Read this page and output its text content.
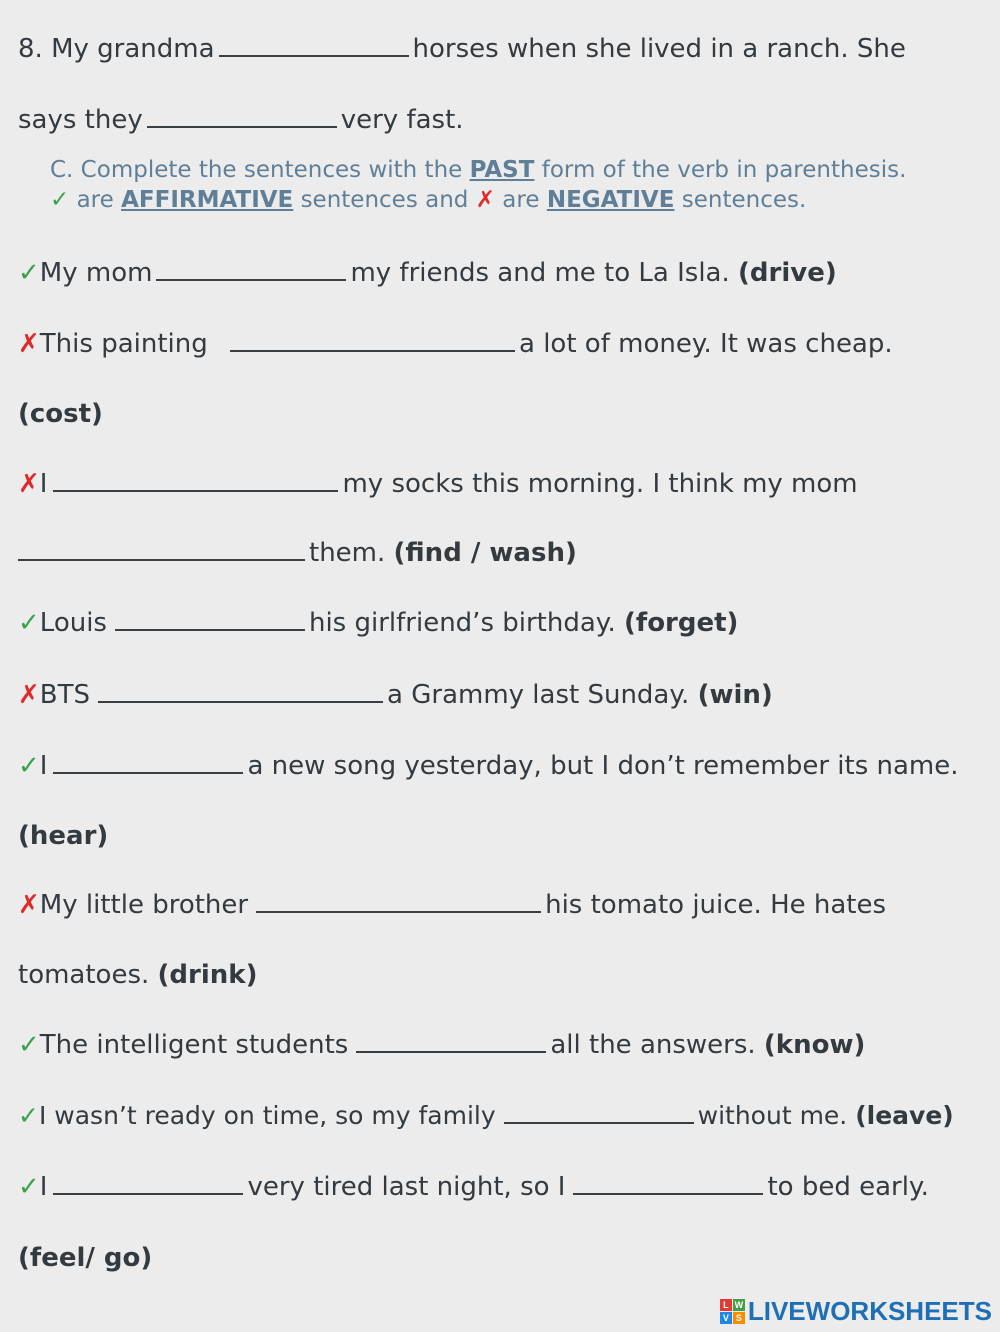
8. My grandma	horses when she lived in a ranch. She
says they	very fast.
C. Complete the sentences with the PAST form of the verb in parenthesis.
✓ are AFFIRMATIVE sentences and ✗ are NEGATIVE sentences.
✓My mom	my friends and me to La Isla. (drive)
✗This painting	a lot of money. It was cheap.
(cost)
✗I	my socks this morning. I think my mom
them. (find / wash)
✓Louis	his girlfriend’s birthday. (forget)
✗BTS	a Grammy last Sunday. (win)
✓I	a new song yesterday, but I don’t remember its name.
(hear)
✗My little brother	his tomato juice. He hates
tomatoes. (drink)
✓The intelligent students	all the answers. (know)
✓I wasn’t ready on time, so my family	without me. (leave)
✓I	very tired last night, so I	to bed early.
(feel/ go)
L W
V S LIVEWORKSHEETS
